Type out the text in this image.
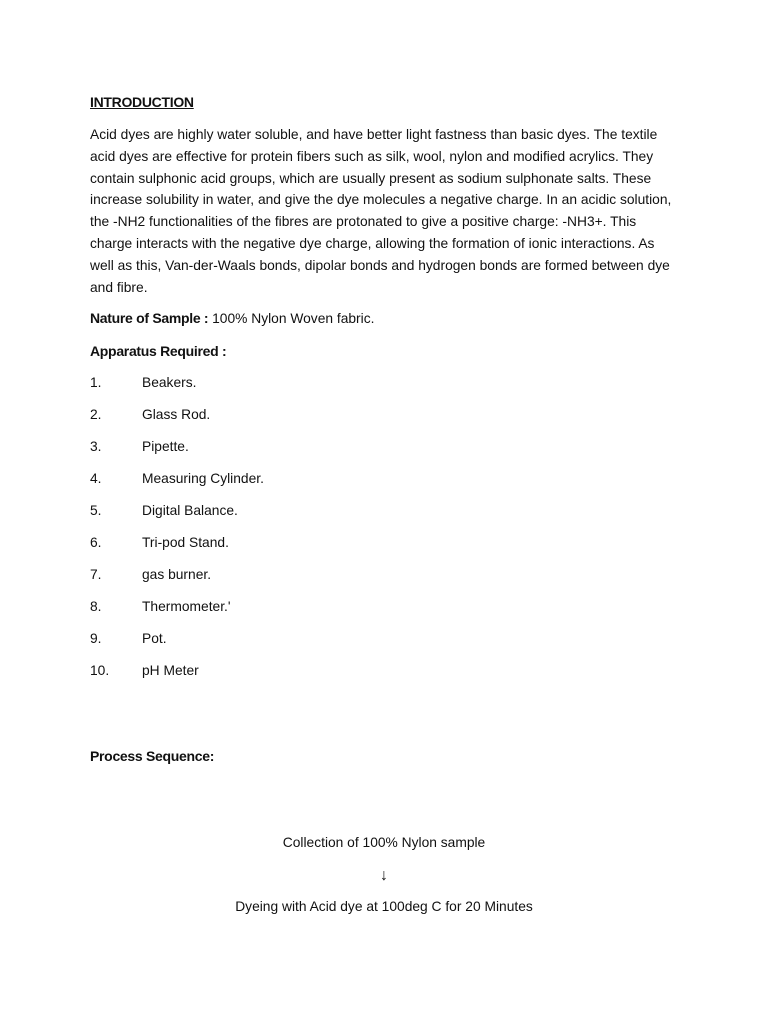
INTRODUCTION

Acid dyes are highly water soluble, and have better light fastness than basic dyes. The textile acid dyes are effective for protein fibers such as silk, wool, nylon and modified acrylics. They contain sulphonic acid groups, which are usually present as sodium sulphonate salts. These increase solubility in water, and give the dye molecules a negative charge. In an acidic solution, the -NH2 functionalities of the fibres are protonated to give a positive charge: -NH3+. This charge interacts with the negative dye charge, allowing the formation of ionic interactions. As well as this, Van-der-Waals bonds, dipolar bonds and hydrogen bonds are formed between dye and fibre.

Nature of Sample : 100% Nylon Woven fabric.
Apparatus Required :
1.	Beakers.
2.	Glass Rod.
3.	Pipette.
4.	Measuring Cylinder.
5.	Digital Balance.
6.	Tri-pod Stand.
7.	gas burner.
8.	Thermometer.'
9.	Pot.
10.	pH Meter
Process Sequence:
Collection of 100% Nylon sample
↓
Dyeing with Acid dye at 100deg C for 20 Minutes
